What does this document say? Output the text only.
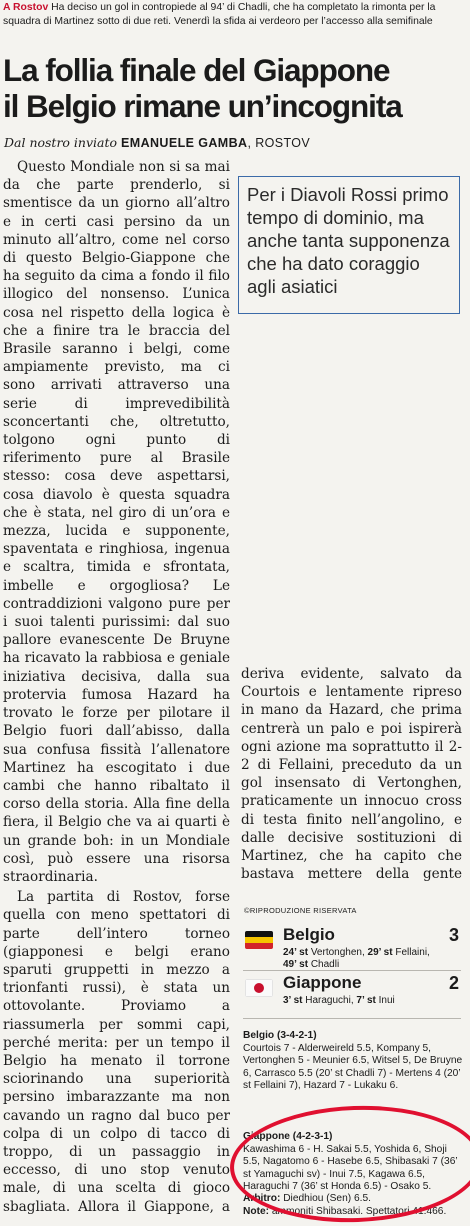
A Rostov Ha deciso un gol in contropiede al 94’ di Chadli, che ha completato la rimonta per la squadra di Martinez sotto di due reti. Venerdì la sfida ai verdeoro per l’accesso alla semifinale
La follia finale del Giappone
il Belgio rimane un’incognita
Dal nostro inviato EMANUELE GAMBA, ROSTOV

Questo Mondiale non si sa mai da che parte prenderlo, si smentisce da un giorno all’altro e in certi casi persino da un minuto all’altro, come nel corso di questo Belgio-Giappone che ha seguito da cima a fondo il filo illogico del nonsenso. L’unica cosa nel rispetto della logica è che a finire tra le braccia del Brasile saranno i belgi, come ampiamente previsto, ma ci sono arrivati attraverso una serie di imprevedibilità sconcertanti che, oltretutto, tolgono ogni punto di riferimento pure al Brasile stesso: cosa deve aspettarsi, cosa diavolo è questa squadra che è stata, nel giro di un’ora e mezza, lucida e supponente, spaventata e ringhiosa, ingenua e scaltra, timida e sfrontata, imbelle e orgogliosa? Le contraddizioni valgono pure per i suoi talenti purissimi: dal suo pallore evanescente De Bruyne ha ricavato la rabbiosa e geniale iniziativa decisiva, dalla sua protervia fumosa Hazard ha trovato le forze per pilotare il Belgio fuori dall’abisso, dalla sua confusa fissità l’allenatore Martinez ha escogitato i due cambi che hanno ribaltato il corso della storia. Alla fine della fiera, il Belgio che va ai quarti è un grande boh: in un Mondiale così, può essere una risorsa straordinaria.

La partita di Rostov, forse quella con meno spettatori di parte dell’intero torneo (giapponesi e belgi erano sparuti gruppetti in mezzo a trionfanti russi), è stata un ottovolante. Proviamo a riassumerla per sommi capi, perché merita: per un tempo il Belgio ha menato il torrone sciorinando una superiorità persino imbarazzante ma non cavando un ragno dal buco per colpa di un colpo di tacco di troppo, di un passaggio in eccesso, di uno stop venuto male, di una scelta di gioco sbagliata. Allora il Giappone, a

Per i Diavoli Rossi primo tempo di dominio, ma anche tanta supponenza che ha dato coraggio agli asiatici

deriva evidente, salvato da Courtois e lentamente ripreso in mano da Hazard, che prima centrerà un palo e poi ispirerà ogni azione ma soprattutto il 2-2 di Fellaini, preceduto da un gol insensato di Vertonghen, praticamente un innocuo cross di testa finito nell’angolino, e dalle decisive sostituzioni di Martinez, che ha capito che bastava mettere della gente

©RIPRODUZIONE RISERVATA
Belgio	3
24’ st Vertonghen, 29’ st Fellaini, 49’ st Chadli
Giappone	2
3’ st Haraguchi, 7’ st Inui
Belgio (3-4-2-1)
Courtois 7 - Alderweireld 5.5, Kompany 5, Vertonghen 5 - Meunier 6.5, Witsel 5, De Bruyne 6, Carrasco 5.5 (20’ st Chadli 7) - Mertens 4 (20’ st Fellaini 7), Hazard 7 - Lukaku 6.
Giappone (4-2-3-1)
Kawashima 6 - H. Sakai 5.5, Yoshida 6, Shoji 5.5, Nagatomo 6 - Hasebe 6.5, Shibasaki 7 (36’ st Yamaguchi sv) - Inui 7.5, Kagawa 6.5, Haraguchi 7 (36’ st Honda 6.5) - Osako 5.
Arbitro: Diedhiou (Sen) 6.5.
Note: ammoniti Shibasaki. Spettatori 41.466.
